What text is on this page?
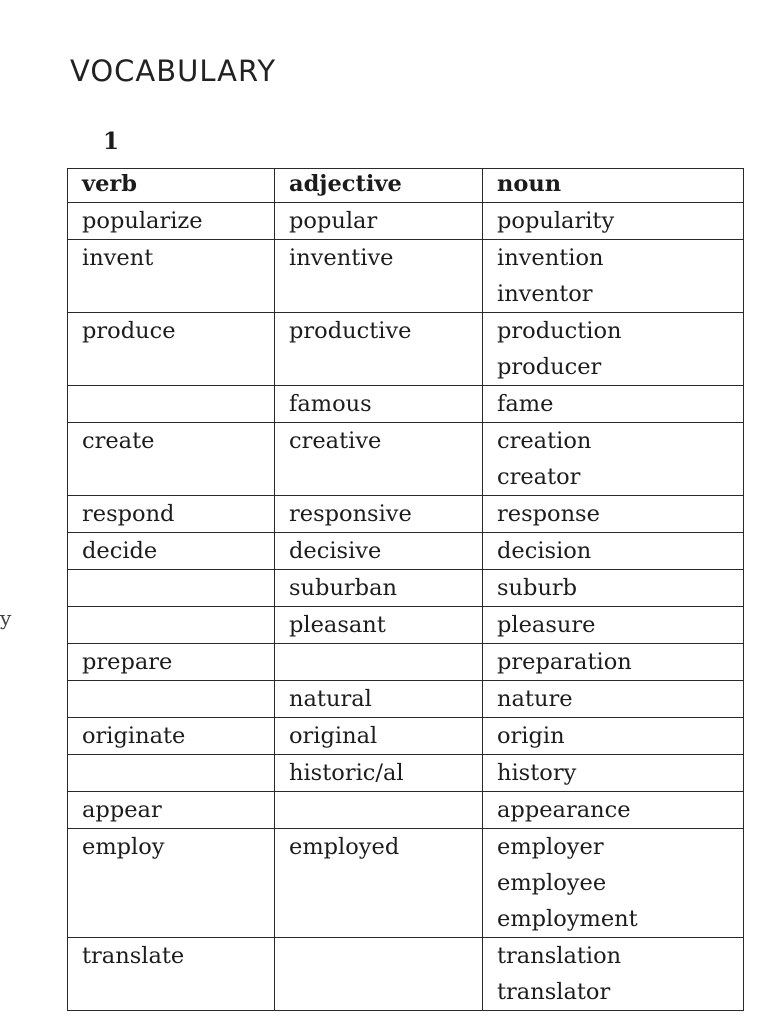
VOCABULARY
1
y
verb	adjective	noun
popularize	popular	popularity

invent	inventive	invention
inventor

produce	productive	production
producer

	famous	fame

create	creative	creation
creator

respond	responsive	response

decide	decisive	decision

	suburban	suburb

	pleasant	pleasure

prepare		preparation

	natural	nature

originate	original	origin

	historic/al	history

appear		appearance

employ	employed	employer
employee
employment

translate		translation
translator
